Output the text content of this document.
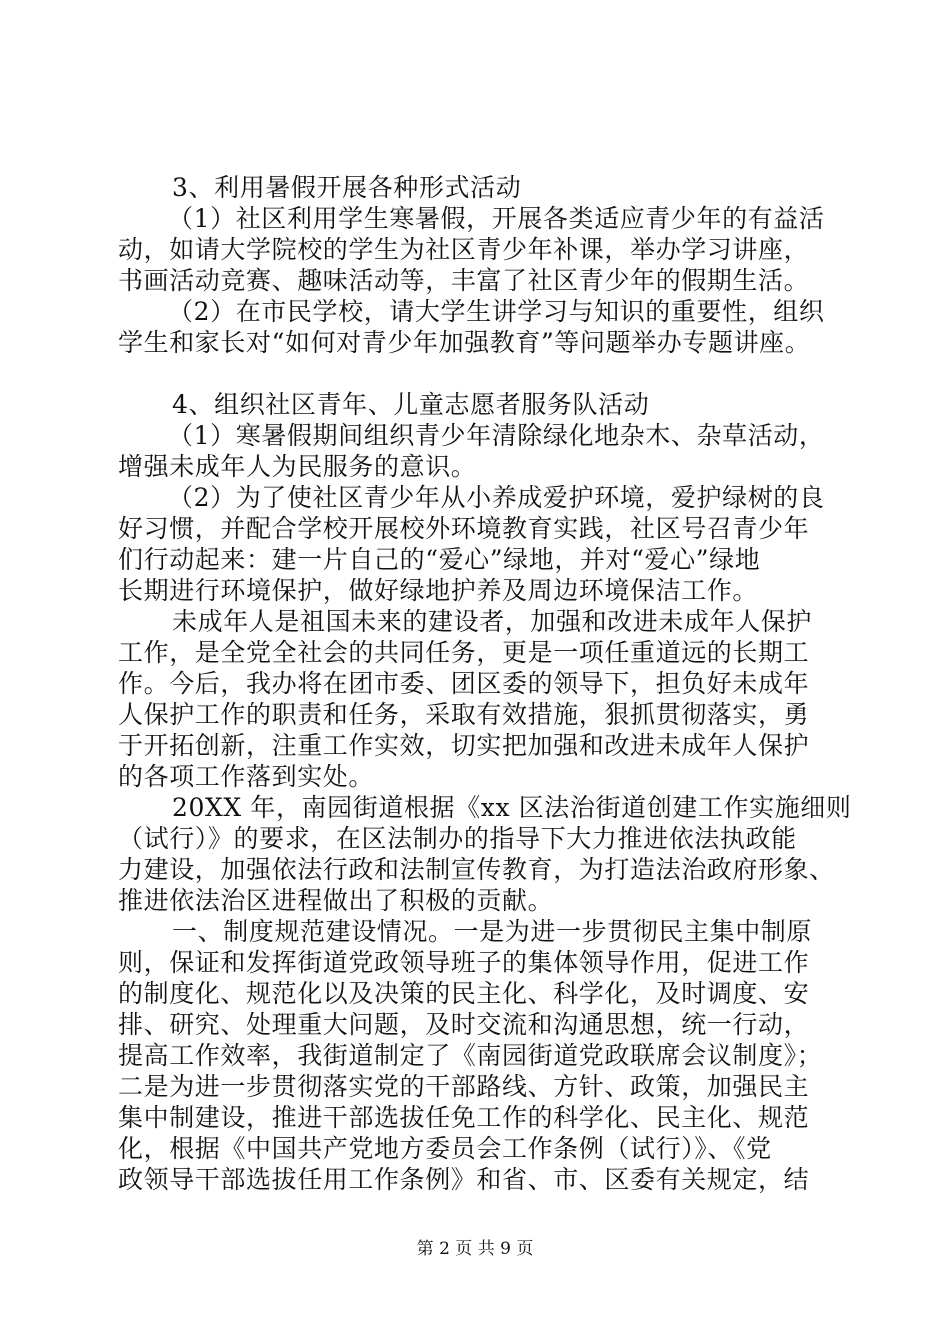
3、利用暑假开展各种形式活动
（1）社区利用学生寒暑假，开展各类适应青少年的有益活
动，如请大学院校的学生为社区青少年补课，举办学习讲座，
书画活动竞赛、趣味活动等，丰富了社区青少年的假期生活。
（2）在市民学校，请大学生讲学习与知识的重要性，组织
学生和家长对“如何对青少年加强教育”等问题举办专题讲座。
4、组织社区青年、儿童志愿者服务队活动
（1）寒暑假期间组织青少年清除绿化地杂木、杂草活动，
增强未成年人为民服务的意识。
（2）为了使社区青少年从小养成爱护环境，爱护绿树的良
好习惯，并配合学校开展校外环境教育实践，社区号召青少年
们行动起来：建一片自己的“爱心”绿地，并对“爱心”绿地
长期进行环境保护，做好绿地护养及周边环境保洁工作。
未成年人是祖国未来的建设者，加强和改进未成年人保护
工作，是全党全社会的共同任务，更是一项任重道远的长期工
作。今后，我办将在团市委、团区委的领导下，担负好未成年
人保护工作的职责和任务，采取有效措施，狠抓贯彻落实，勇
于开拓创新，注重工作实效，切实把加强和改进未成年人保护
的各项工作落到实处。
20XX 年，南园街道根据《xx 区法治街道创建工作实施细则
（试行）》的要求，在区法制办的指导下大力推进依法执政能
力建设，加强依法行政和法制宣传教育，为打造法治政府形象、
推进依法治区进程做出了积极的贡献。
一、制度规范建设情况。一是为进一步贯彻民主集中制原
则，保证和发挥街道党政领导班子的集体领导作用，促进工作
的制度化、规范化以及决策的民主化、科学化，及时调度、安
排、研究、处理重大问题，及时交流和沟通思想，统一行动，
提高工作效率，我街道制定了《南园街道党政联席会议制度》；
二是为进一步贯彻落实党的干部路线、方针、政策，加强民主
集中制建设，推进干部选拔任免工作的科学化、民主化、规范
化，根据《中国共产党地方委员会工作条例（试行）》、《党
政领导干部选拔任用工作条例》和省、市、区委有关规定，结
第 2 页 共 9 页
